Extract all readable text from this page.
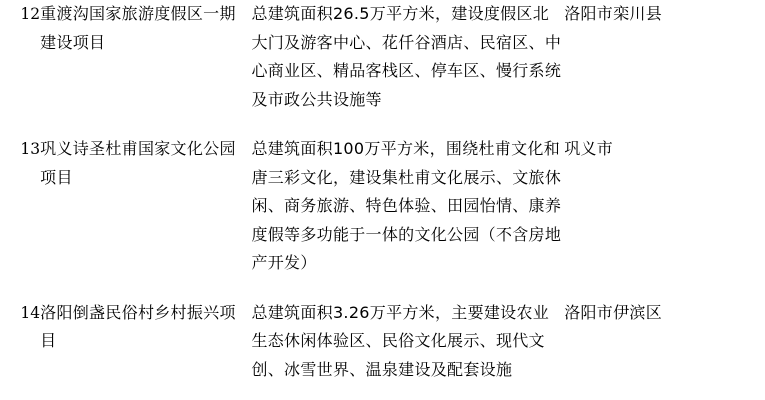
12	重渡沟国家旅游度假区一期建设项目	总建筑面积26.5万平方米，建设度假区北大门及游客中心、花仟谷酒店、民宿区、中心商业区、精品客栈区、停车区、慢行系统及市政公共设施等	洛阳市栾川县

13	巩义诗圣杜甫国家文化公园项目	总建筑面积100万平方米，围绕杜甫文化和唐三彩文化，建设集杜甫文化展示、文旅休闲、商务旅游、特色体验、田园怡情、康养度假等多功能于一体的文化公园（不含房地产开发）	巩义市

14	洛阳倒盏民俗村乡村振兴项目	总建筑面积3.26万平方米，主要建设农业生态休闲体验区、民俗文化展示、现代文创、冰雪世界、温泉建设及配套设施	洛阳市伊滨区
